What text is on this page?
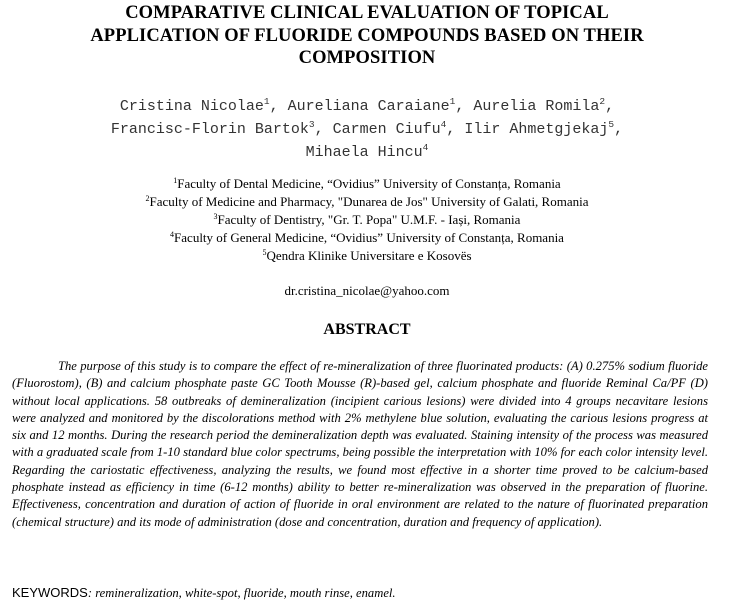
COMPARATIVE CLINICAL EVALUATION OF TOPICAL
APPLICATION OF FLUORIDE COMPOUNDS BASED ON THEIR
COMPOSITION
Cristina Nicolae$^1$, Aureliana Caraiane$^1$, Aurelia Romila$^2$,
Francisc-Florin Bartok$^3$, Carmen Ciufu$^4$, Ilir Ahmetgjekaj$^5$,
Mihaela Hincu$^4$
$^1$Faculty of Dental Medicine, “Ovidius” University of Constanța, Romania
$^2$Faculty of Medicine and Pharmacy, "Dunarea de Jos" University of Galati, Romania
$^3$Faculty of Dentistry, "Gr. T. Popa" U.M.F. - Iași, Romania
$^4$Faculty of General Medicine, “Ovidius” University of Constanța, Romania
$^5$Qendra Klinike Universitare e Kosovës
dr.cristina_nicolae@yahoo.com
ABSTRACT

The purpose of this study is to compare the effect of re-mineralization of three fluorinated products: (A) 0.275% sodium fluoride (Fluorostom), (B) and calcium phosphate paste GC Tooth Mousse (R)-based gel, calcium phosphate and fluoride Reminal Ca/PF (D) without local applications. 58 outbreaks of demineralization (incipient carious lesions) were divided into 4 groups necavitare lesions were analyzed and monitored by the discolorations method with 2% methylene blue solution, evaluating the carious lesions progress at six and 12 months. During the research period the demineralization depth was evaluated. Staining intensity of the process was measured with a graduated scale from 1-10 standard blue color spectrums, being possible the interpretation with 10% for each color intensity level. Regarding the cariostatic effectiveness, analyzing the results, we found most effective in a shorter time proved to be calcium-based phosphate instead as efficiency in time (6-12 months) ability to better re-mineralization was observed in the preparation of fluorine. Effectiveness, concentration and duration of action of fluoride in oral environment are related to the nature of fluorinated preparation (chemical structure) and its mode of administration (dose and concentration, duration and frequency of application).

KEYWORDS: remineralization, white-spot, fluoride, mouth rinse, enamel.
